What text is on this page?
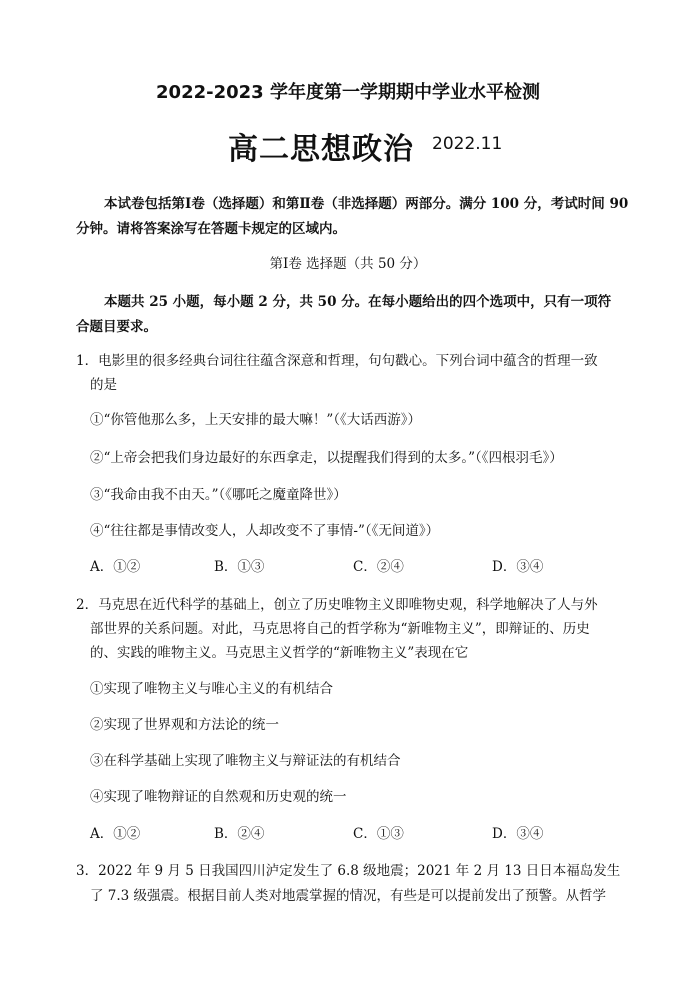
2022-2023 学年度第一学期期中学业水平检测
高二思想政治 2022.11
本试卷包括第Ⅰ卷（选择题）和第Ⅱ卷（非选择题）两部分。满分 100 分，考试时间 90
分钟。请将答案涂写在答题卡规定的区域内。
第Ⅰ卷 选择题（共 50 分）
本题共 25 小题，每小题 2 分，共 50 分。在每小题给出的四个选项中，只有一项符
合题目要求。
1．电影里的很多经典台词往往蕴含深意和哲理，句句戳心。下列台词中蕴含的哲理一致
的是
①“你管他那么多，上天安排的最大嘛！”（《大话西游》）
②“上帝会把我们身边最好的东西拿走，以提醒我们得到的太多。”（《四根羽毛》）
③“我命由我不由天。”（《哪吒之魔童降世》）
④“往往都是事情改变人，人却改变不了事情-”（《无间道》）
A．①②	B．①③	C．②④	D．③④
2．马克思在近代科学的基础上，创立了历史唯物主义即唯物史观，科学地解决了人与外
部世界的关系问题。对此，马克思将自己的哲学称为“新唯物主义”，即辩证的、历史
的、实践的唯物主义。马克思主义哲学的“新唯物主义”表现在它
①实现了唯物主义与唯心主义的有机结合
②实现了世界观和方法论的统一
③在科学基础上实现了唯物主义与辩证法的有机结合
④实现了唯物辩证的自然观和历史观的统一
A．①②	B．②④	C．①③	D．③④
3．2022 年 9 月 5 日我国四川泸定发生了 6.8 级地震；2021 年 2 月 13 日日本福岛发生
了 7.3 级强震。根据目前人类对地震掌握的情况，有些是可以提前发出了预警。从哲学
